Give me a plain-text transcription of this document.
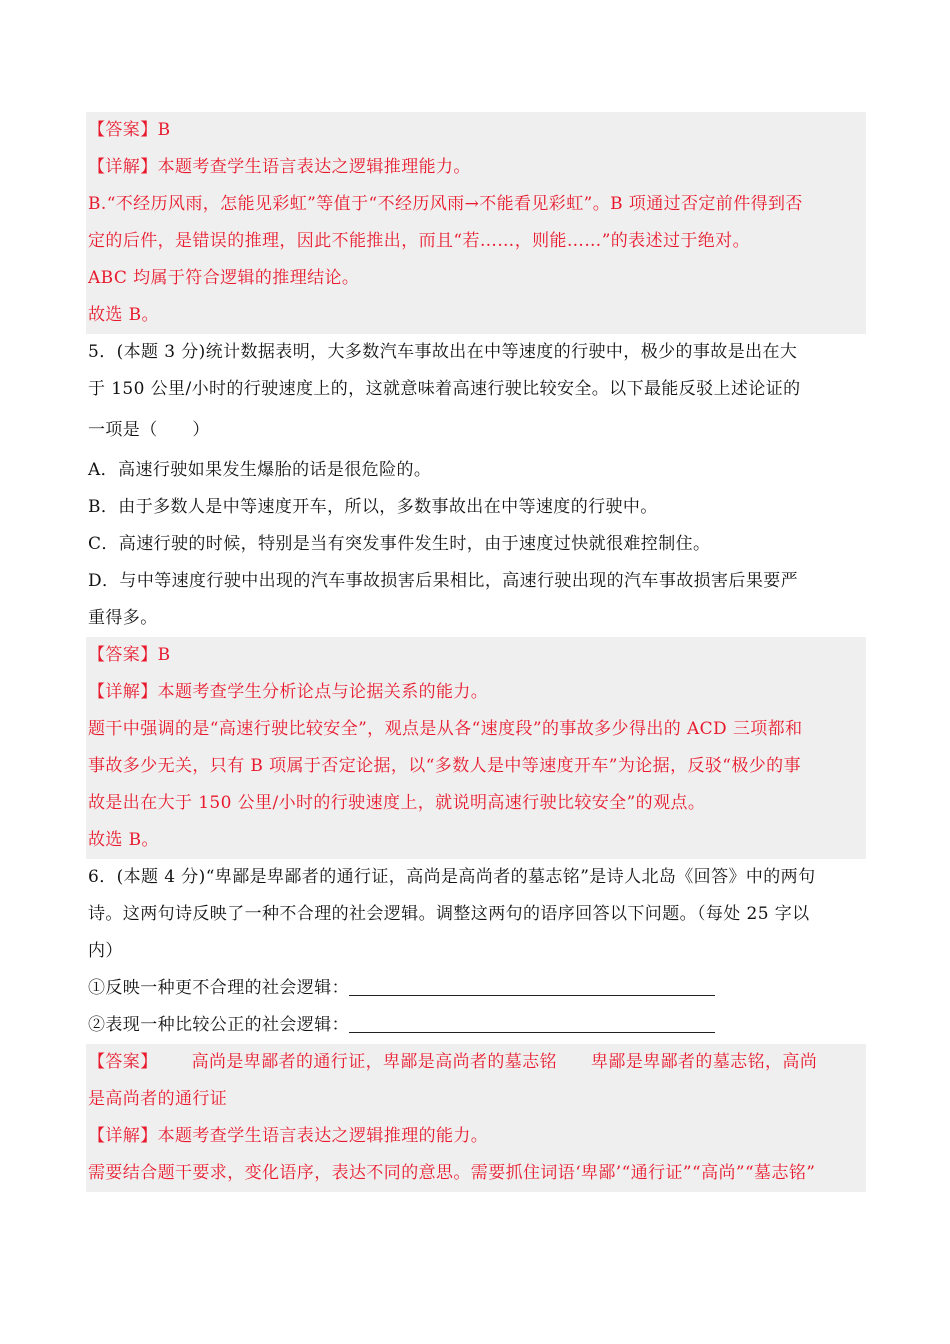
【答案】B
【详解】本题考查学生语言表达之逻辑推理能力。
B.“不经历风雨，怎能见彩虹”等值于“不经历风雨→不能看见彩虹”。B 项通过否定前件得到否
定的后件，是错误的推理，因此不能推出，而且“若……，则能……”的表述过于绝对。
ABC 均属于符合逻辑的推理结论。
故选 B。
5．(本题 3 分)统计数据表明，大多数汽车事故出在中等速度的行驶中，极少的事故是出在大
于 150 公里/小时的行驶速度上的，这就意味着高速行驶比较安全。以下最能反驳上述论证的
一项是（　　）
A．高速行驶如果发生爆胎的话是很危险的。
B．由于多数人是中等速度开车，所以，多数事故出在中等速度的行驶中。
C．高速行驶的时候，特别是当有突发事件发生时，由于速度过快就很难控制住。
D．与中等速度行驶中出现的汽车事故损害后果相比，高速行驶出现的汽车事故损害后果要严
重得多。
【答案】B
【详解】本题考查学生分析论点与论据关系的能力。
题干中强调的是“高速行驶比较安全”，观点是从各“速度段”的事故多少得出的 ACD 三项都和
事故多少无关，只有 B 项属于否定论据，以“多数人是中等速度开车”为论据，反驳“极少的事
故是出在大于 150 公里/小时的行驶速度上，就说明高速行驶比较安全”的观点。
故选 B。
6．(本题 4 分)“卑鄙是卑鄙者的通行证，高尚是高尚者的墓志铭”是诗人北岛《回答》中的两句
诗。这两句诗反映了一种不合理的社会逻辑。调整这两句的语序回答以下问题。（每处 25 字以
内）
①反映一种更不合理的社会逻辑：
②表现一种比较公正的社会逻辑：
【答案】 高尚是卑鄙者的通行证，卑鄙是高尚者的墓志铭 卑鄙是卑鄙者的墓志铭，高尚
是高尚者的通行证
【详解】本题考查学生语言表达之逻辑推理的能力。
需要结合题干要求，变化语序，表达不同的意思。需要抓住词语‘卑鄙’“通行证”“高尚”“墓志铭”
